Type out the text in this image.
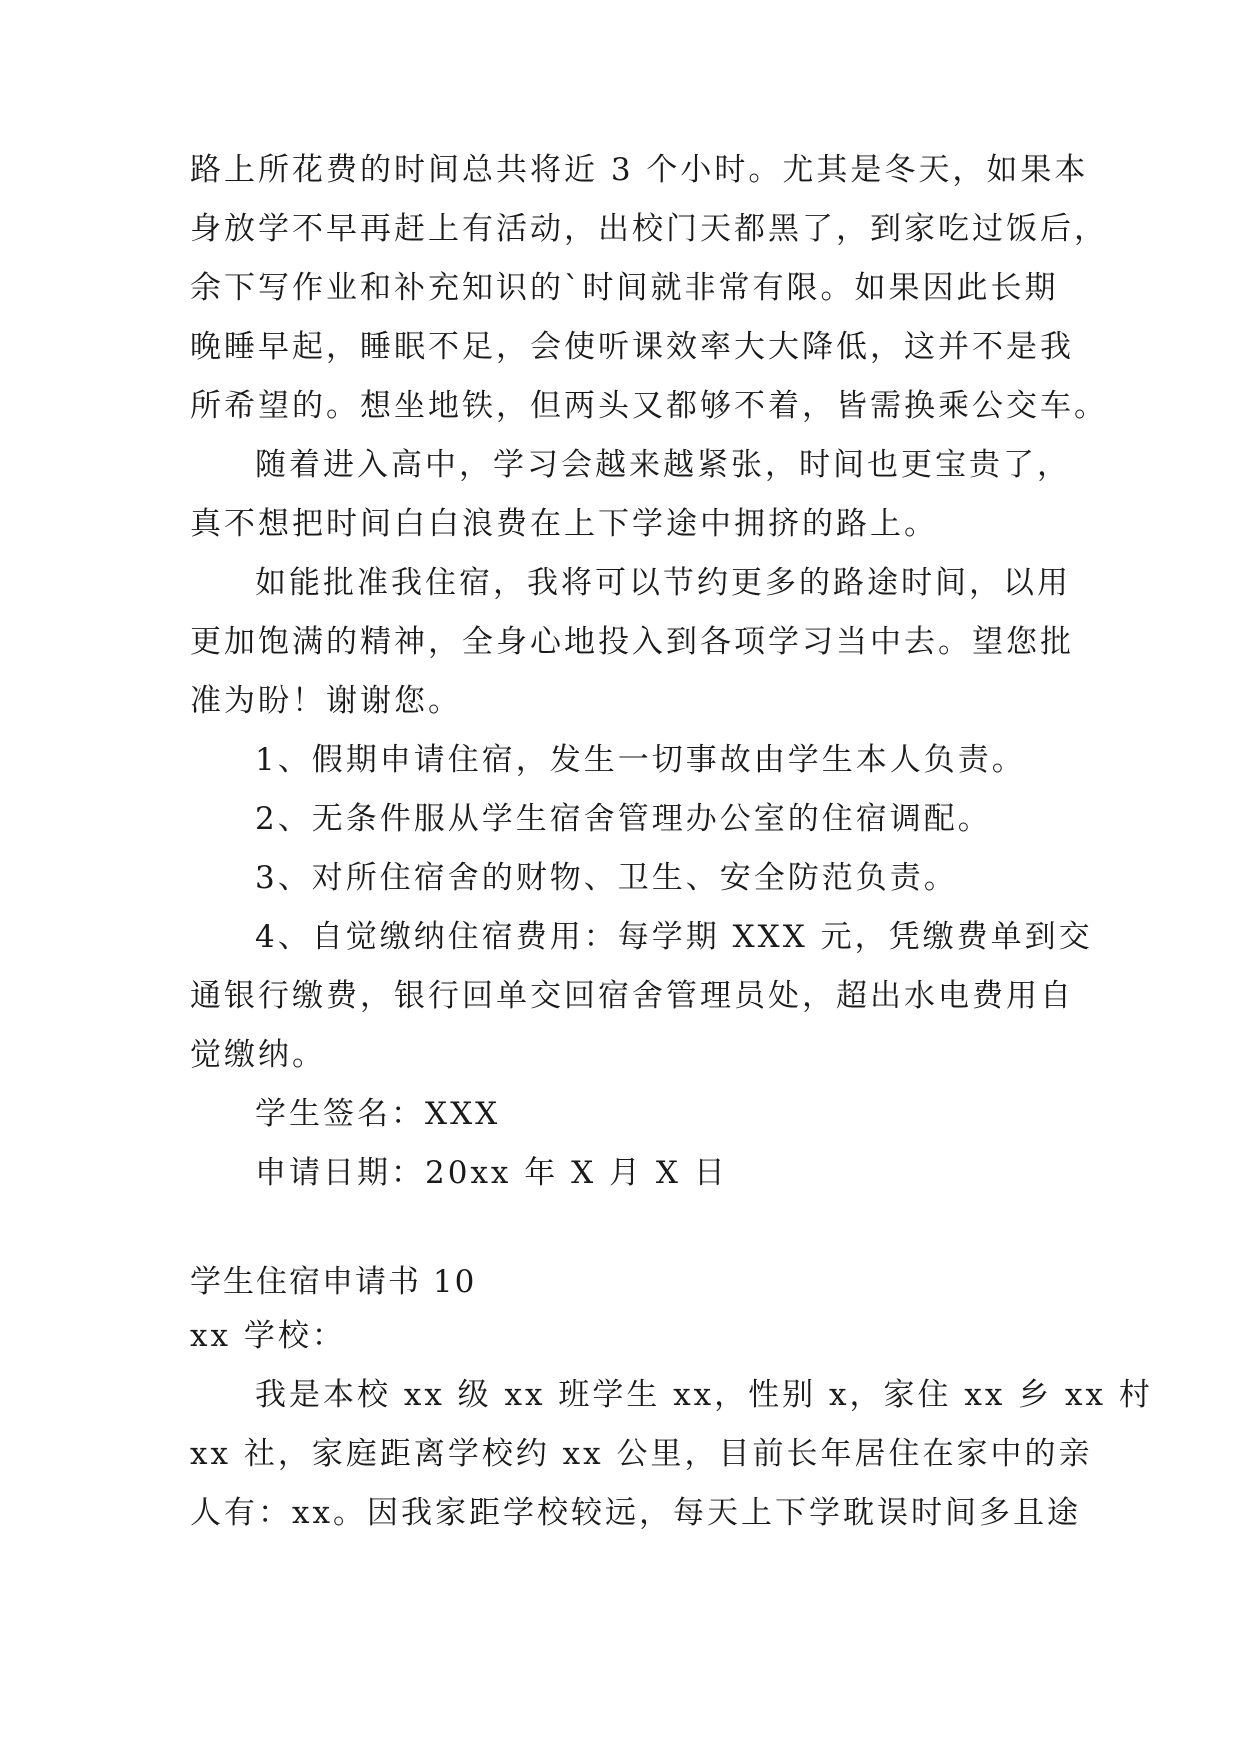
路上所花费的时间总共将近 3 个小时。尤其是冬天，如果本
身放学不早再赶上有活动，出校门天都黑了，到家吃过饭后，
余下写作业和补充知识的`时间就非常有限。如果因此长期
晚睡早起，睡眠不足，会使听课效率大大降低，这并不是我
所希望的。想坐地铁，但两头又都够不着，皆需换乘公交车。
随着进入高中，学习会越来越紧张，时间也更宝贵了，
真不想把时间白白浪费在上下学途中拥挤的路上。
如能批准我住宿，我将可以节约更多的路途时间，以用
更加饱满的精神，全身心地投入到各项学习当中去。望您批
准为盼！谢谢您。
1、假期申请住宿，发生一切事故由学生本人负责。
2、无条件服从学生宿舍管理办公室的住宿调配。
3、对所住宿舍的财物、卫生、安全防范负责。
4、自觉缴纳住宿费用：每学期 XXX 元，凭缴费单到交
通银行缴费，银行回单交回宿舍管理员处，超出水电费用自
觉缴纳。
学生签名：XXX
申请日期：20xx 年 X 月 X 日
学生住宿申请书 10
xx 学校：
我是本校 xx 级 xx 班学生 xx，性别 x，家住 xx 乡 xx 村
xx 社，家庭距离学校约 xx 公里，目前长年居住在家中的亲
人有：xx。因我家距学校较远，每天上下学耽误时间多且途
